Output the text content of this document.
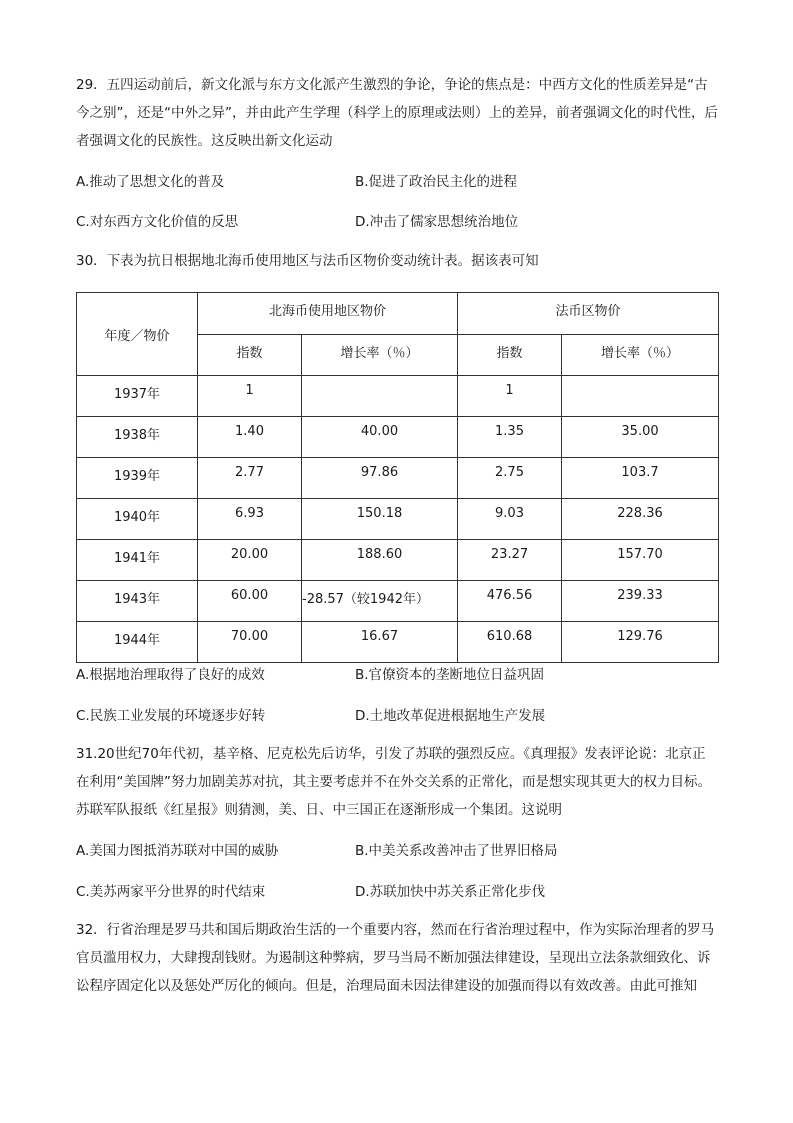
29．五四运动前后，新文化派与东方文化派产生激烈的争论，争论的焦点是：中西方文化的性质差异是“古今之别”，还是“中外之异”，并由此产生学理（科学上的原理或法则）上的差异，前者强调文化的时代性，后者强调文化的民族性。这反映出新文化运动

A.推动了思想文化的普及	B.促进了政治民主化的进程
C.对东西方文化价值的反思	D.冲击了儒家思想统治地位

30．下表为抗日根据地北海币使用地区与法币区物价变动统计表。据该表可知

年度／物价	北海币使用地区物价		法币区物价	
	指数	增长率（％）	指数	增长率（％）
1937年	1		1	
1938年	1.40	40.00	1.35	35.00
1939年	2.77	97.86	2.75	103.7
1940年	6.93	150.18	9.03	228.36
1941年	20.00	188.60	23.27	157.70
1943年	60.00	-28.57（较1942年）	476.56	239.33
1944年	70.00	16.67	610.68	129.76
A.根据地治理取得了良好的成效	B.官僚资本的垄断地位日益巩固
C.民族工业发展的环境逐步好转	D.土地改革促进根据地生产发展

31.20世纪70年代初，基辛格、尼克松先后访华，引发了苏联的强烈反应。《真理报》发表评论说：北京正在利用“美国牌”努力加剧美苏对抗，其主要考虑并不在外交关系的正常化，而是想实现其更大的权力目标。苏联军队报纸《红星报》则猜测，美、日、中三国正在逐渐形成一个集团。这说明

A.美国力图抵消苏联对中国的威胁	B.中美关系改善冲击了世界旧格局
C.美苏两家平分世界的时代结束	D.苏联加快中苏关系正常化步伐

32．行省治理是罗马共和国后期政治生活的一个重要内容，然而在行省治理过程中，作为实际治理者的罗马官员滥用权力，大肆搜刮钱财。为遏制这种弊病，罗马当局不断加强法律建设，呈现出立法条款细致化、诉讼程序固定化以及惩处严厉化的倾向。但是，治理局面未因法律建设的加强而得以有效改善。由此可推知
